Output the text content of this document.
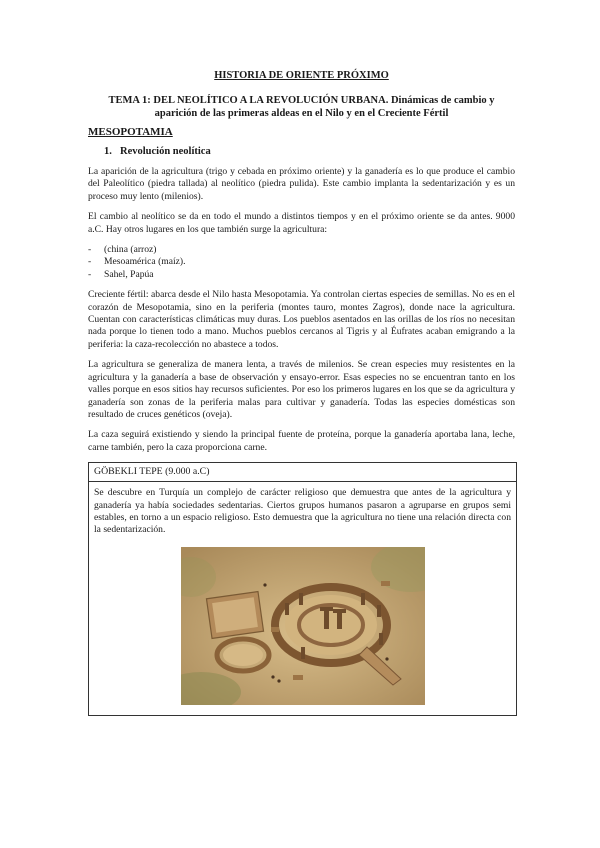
HISTORIA DE ORIENTE PRÓXIMO
TEMA 1: DEL NEOLÍTICO A LA REVOLUCIÓN URBANA. Dinámicas de cambio y aparición de las primeras aldeas en el Nilo y en el Creciente Fértil
MESOPOTAMIA
1. Revolución neolítica

La aparición de la agricultura (trigo y cebada en próximo oriente) y la ganadería es lo que produce el cambio del Paleolítico (piedra tallada) al neolítico (piedra pulida). Este cambio implanta la sedentarización y es un proceso muy lento (milenios).

El cambio al neolítico se da en todo el mundo a distintos tiempos y en el próximo oriente se da antes. 9000 a.C. Hay otros lugares en los que también surge la agricultura:

- (china (arroz)
- Mesoamérica (maíz).
- Sahel, Papúa

Creciente fértil: abarca desde el Nilo hasta Mesopotamia. Ya controlan ciertas especies de semillas. No es en el corazón de Mesopotamia, sino en la periferia (montes tauro, montes Zagros), donde nace la agricultura. Cuentan con características climáticas muy duras. Los pueblos asentados en las orillas de los ríos no necesitan nada porque lo tienen todo a mano. Muchos pueblos cercanos al Tigris y al Éufrates acaban emigrando a la periferia: la caza-recolección no abastece a todos.

La agricultura se generaliza de manera lenta, a través de milenios. Se crean especies muy resistentes en la agricultura y la ganadería a base de observación y ensayo-error. Esas especies no se encuentran tanto en los valles porque en esos sitios hay recursos suficientes. Por eso los primeros lugares en los que se da agricultura y ganadería son zonas de la periferia malas para cultivar y ganadería. Todas las especies domésticas son resultado de cruces genéticos (oveja).

La caza seguirá existiendo y siendo la principal fuente de proteína, porque la ganadería aportaba lana, leche, carne también, pero la caza proporciona carne.

GÖBEKLI TEPE (9.000 a.C)

Se descubre en Turquía un complejo de carácter religioso que demuestra que antes de la agricultura y ganadería ya había sociedades sedentarias. Ciertos grupos humanos pasaron a agruparse en grupos semi estables, en torno a un espacio religioso. Esto demuestra que la agricultura no tiene una relación directa con la sedentarización.
